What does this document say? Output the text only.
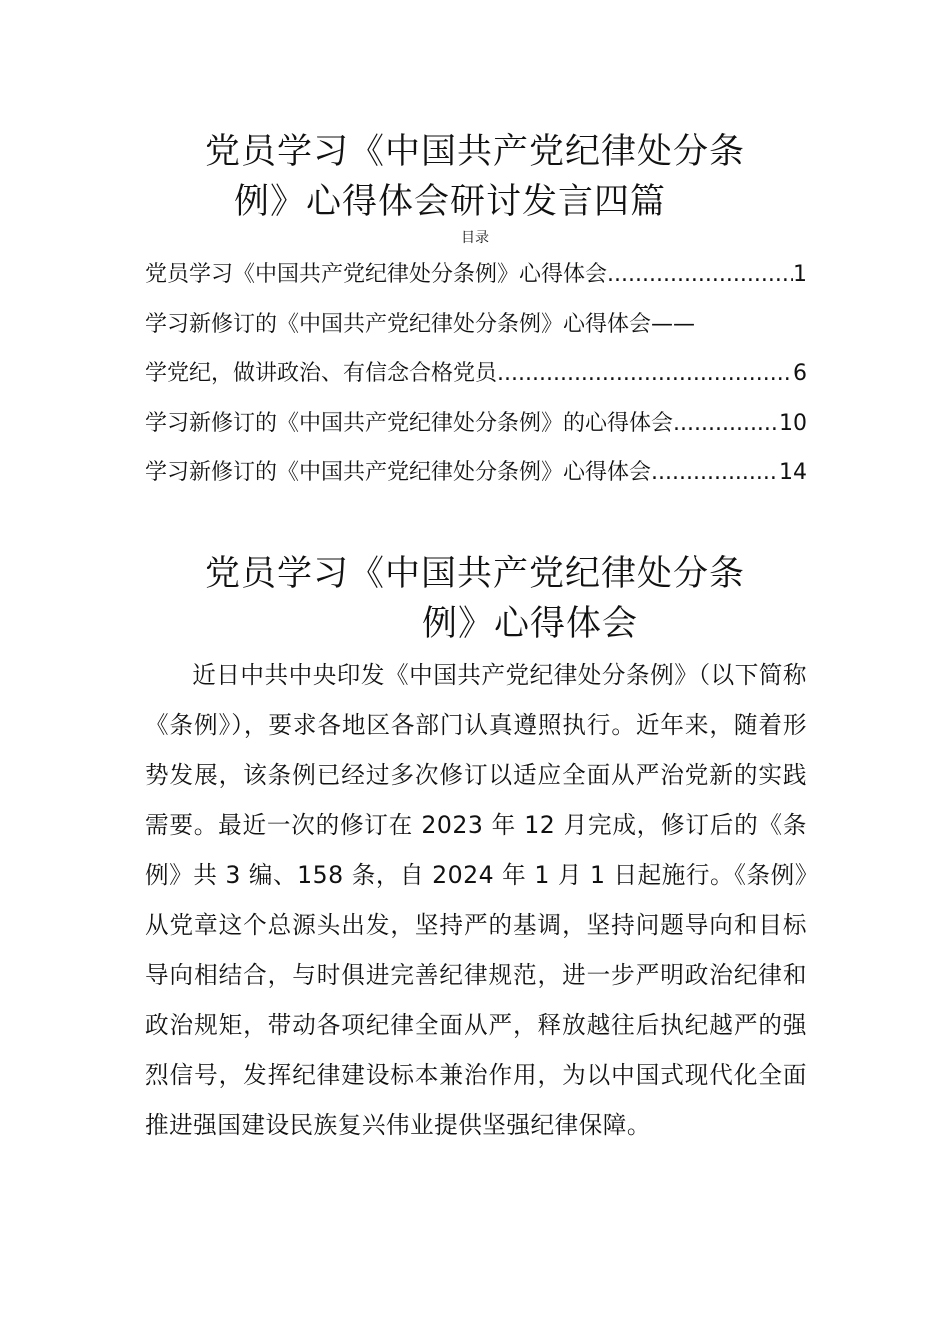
党员学习《中国共产党纪律处分条
例》心得体会研讨发言四篇
目录
党员学习《中国共产党纪律处分条例》心得体会 .....	1
学习新修订的《中国共产党纪律处分条例》心得体会——
学党纪，做讲政治、有信念合格党员 .....	6
学习新修订的《中国共产党纪律处分条例》的心得体会 .....	10
学习新修订的《中国共产党纪律处分条例》心得体会 .....	14
党员学习《中国共产党纪律处分条
例》心得体会

近日中共中央印发《中国共产党纪律处分条例》（以下简称《条例》），要求各地区各部门认真遵照执行。近年来，随着形势发展，该条例已经过多次修订以适应全面从严治党新的实践需要。最近一次的修订在 2023 年 12 月完成，修订后的《条例》共 3 编、158 条，自 2024 年 1 月 1 日起施行。《条例》从党章这个总源头出发，坚持严的基调，坚持问题导向和目标导向相结合，与时俱进完善纪律规范，进一步严明政治纪律和政治规矩，带动各项纪律全面从严，释放越往后执纪越严的强烈信号，发挥纪律建设标本兼治作用，为以中国式现代化全面推进强国建设民族复兴伟业提供坚强纪律保障。
